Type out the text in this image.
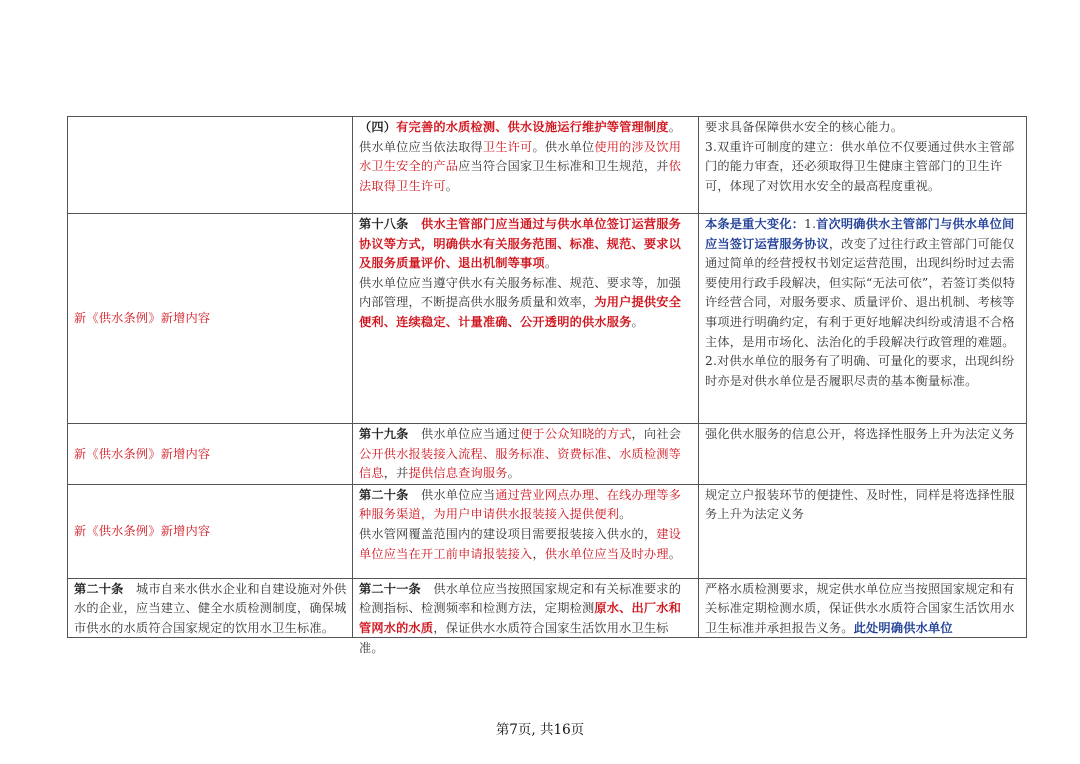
	（四）有完善的水质检测、供水设施运行维护等管理制度。
供水单位应当依法取得卫生许可。供水单位使用的涉及饮用水卫生安全的产品应当符合国家卫生标准和卫生规范，并依法取得卫生许可。	要求具备保障供水安全的核心能力。
3.双重许可制度的建立：供水单位不仅要通过供水主管部门的能力审查，还必须取得卫生健康主管部门的卫生许可，体现了对饮用水安全的最高程度重视。
新《供水条例》新增内容	第十八条　供水主管部门应当通过与供水单位签订运营服务协议等方式，明确供水有关服务范围、标准、规范、要求以及服务质量评价、退出机制等事项。
供水单位应当遵守供水有关服务标准、规范、要求等，加强内部管理，不断提高供水服务质量和效率，为用户提供安全便利、连续稳定、计量准确、公开透明的供水服务。	本条是重大变化：1.首次明确供水主管部门与供水单位间应当签订运营服务协议，改变了过往行政主管部门可能仅通过简单的经营授权书划定运营范围，出现纠纷时过去需要使用行政手段解决，但实际“无法可依”，若签订类似特许经营合同，对服务要求、质量评价、退出机制、考核等事项进行明确约定，有利于更好地解决纠纷或清退不合格主体，是用市场化、法治化的手段解决行政管理的难题。
2.对供水单位的服务有了明确、可量化的要求，出现纠纷时亦是对供水单位是否履职尽责的基本衡量标准。
新《供水条例》新增内容	第十九条　供水单位应当通过便于公众知晓的方式，向社会公开供水报装接入流程、服务标准、资费标准、水质检测等信息，并提供信息查询服务。	强化供水服务的信息公开，将选择性服务上升为法定义务
新《供水条例》新增内容	第二十条　供水单位应当通过营业网点办理、在线办理等多种服务渠道，为用户申请供水报装接入提供便利。
供水管网覆盖范围内的建设项目需要报装接入供水的，建设单位应当在开工前申请报装接入，供水单位应当及时办理。	规定立户报装环节的便捷性、及时性，同样是将选择性服务上升为法定义务

第二十条　城市自来水供水企业和自建设施对外供水的企业，应当建立、健全水质检测制度，确保城市供水的水质符合国家规定的饮用水卫生标准。	第二十一条　供水单位应当按照国家规定和有关标准要求的检测指标、检测频率和检测方法，定期检测原水、出厂水和管网水的水质，保证供水水质符合国家生活饮用水卫生标准。	严格水质检测要求，规定供水单位应当按照国家规定和有关标准定期检测水质，保证供水水质符合国家生活饮用水卫生标准并承担报告义务。此处明确供水单位
第7页, 共16页
